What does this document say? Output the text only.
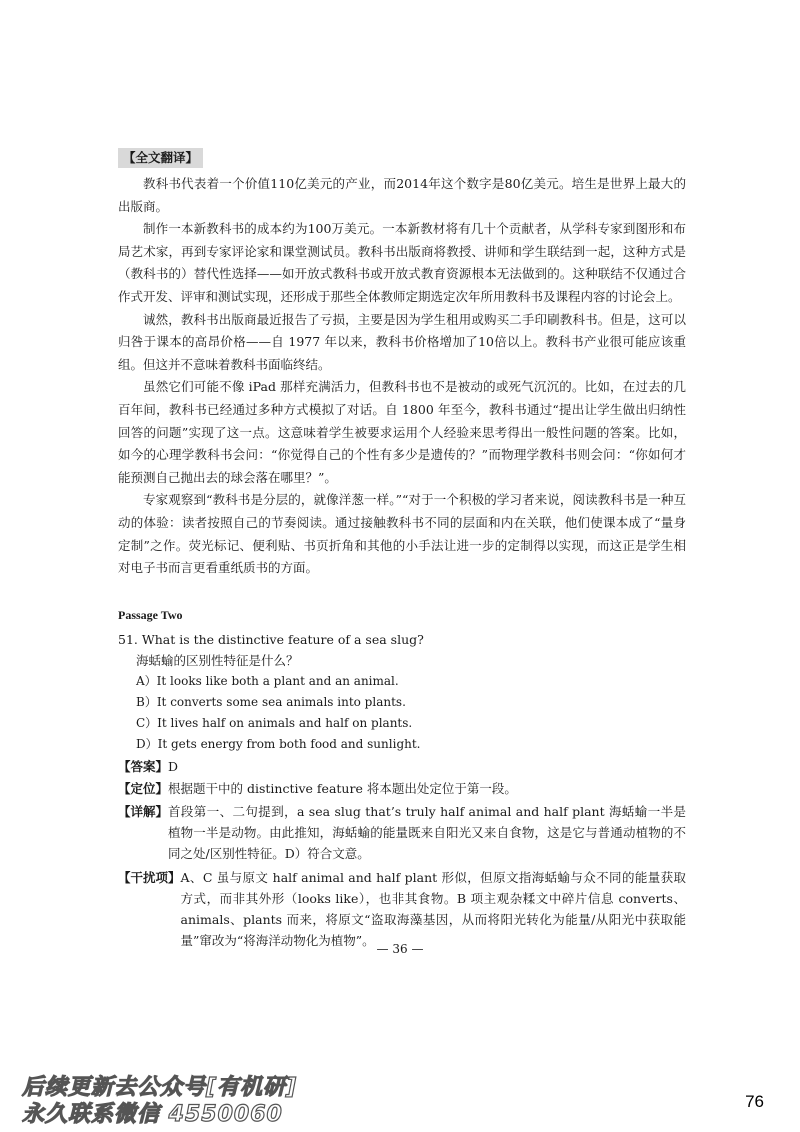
【全文翻译】

教科书代表着一个价值110亿美元的产业，而2014年这个数字是80亿美元。培生是世界上最大的出版商。

制作一本新教科书的成本约为100万美元。一本新教材将有几十个贡献者，从学科专家到图形和布局艺术家，再到专家评论家和课堂测试员。教科书出版商将教授、讲师和学生联结到一起，这种方式是（教科书的）替代性选择——如开放式教科书或开放式教育资源根本无法做到的。这种联结不仅通过合作式开发、评审和测试实现，还形成于那些全体教师定期选定次年所用教科书及课程内容的讨论会上。

诚然，教科书出版商最近报告了亏损，主要是因为学生租用或购买二手印刷教科书。但是，这可以归咎于课本的高昂价格——自 1977 年以来，教科书价格增加了10倍以上。教科书产业很可能应该重组。但这并不意味着教科书面临终结。

虽然它们可能不像 iPad 那样充满活力，但教科书也不是被动的或死气沉沉的。比如，在过去的几百年间，教科书已经通过多种方式模拟了对话。自 1800 年至今，教科书通过“提出让学生做出归纳性回答的问题”实现了这一点。这意味着学生被要求运用个人经验来思考得出一般性问题的答案。比如，如今的心理学教科书会问：“你觉得自己的个性有多少是遗传的？”而物理学教科书则会问：“你如何才能预测自己抛出去的球会落在哪里？”。

专家观察到“教科书是分层的，就像洋葱一样。”“对于一个积极的学习者来说，阅读教科书是一种互动的体验：读者按照自己的节奏阅读。通过接触教科书不同的层面和内在关联，他们使课本成了“量身定制”之作。荧光标记、便利贴、书页折角和其他的小手法让进一步的定制得以实现，而这正是学生相对电子书而言更看重纸质书的方面。

Passage Two
51. What is the distinctive feature of a sea slug?
海蛞蝓的区别性特征是什么？
A）It looks like both a plant and an animal.
B）It converts some sea animals into plants.
C）It lives half on animals and half on plants.
D）It gets energy from both food and sunlight.
【答案】 D
【定位】 根据题干中的 distinctive feature 将本题出处定位于第一段。
【详解】 首段第一、二句提到，a sea slug that’s truly half animal and half plant 海蛞蝓一半是植物一半是动物。由此推知，海蛞蝓的能量既来自阳光又来自食物，这是它与普通动植物的不同之处/区别性特征。D）符合文意。
【干扰项】 A、C 虽与原文 half animal and half plant 形似，但原文指海蛞蝓与众不同的能量获取方式，而非其外形（looks like），也非其食物。B 项主观杂糅文中碎片信息 converts、animals、plants 而来，将原文“盗取海藻基因，从而将阳光转化为能量/从阳光中获取能量”窜改为“将海洋动物化为植物”。
— 36 —
后续更新去公众号[有机研]
永久联系微信 4550060
76
